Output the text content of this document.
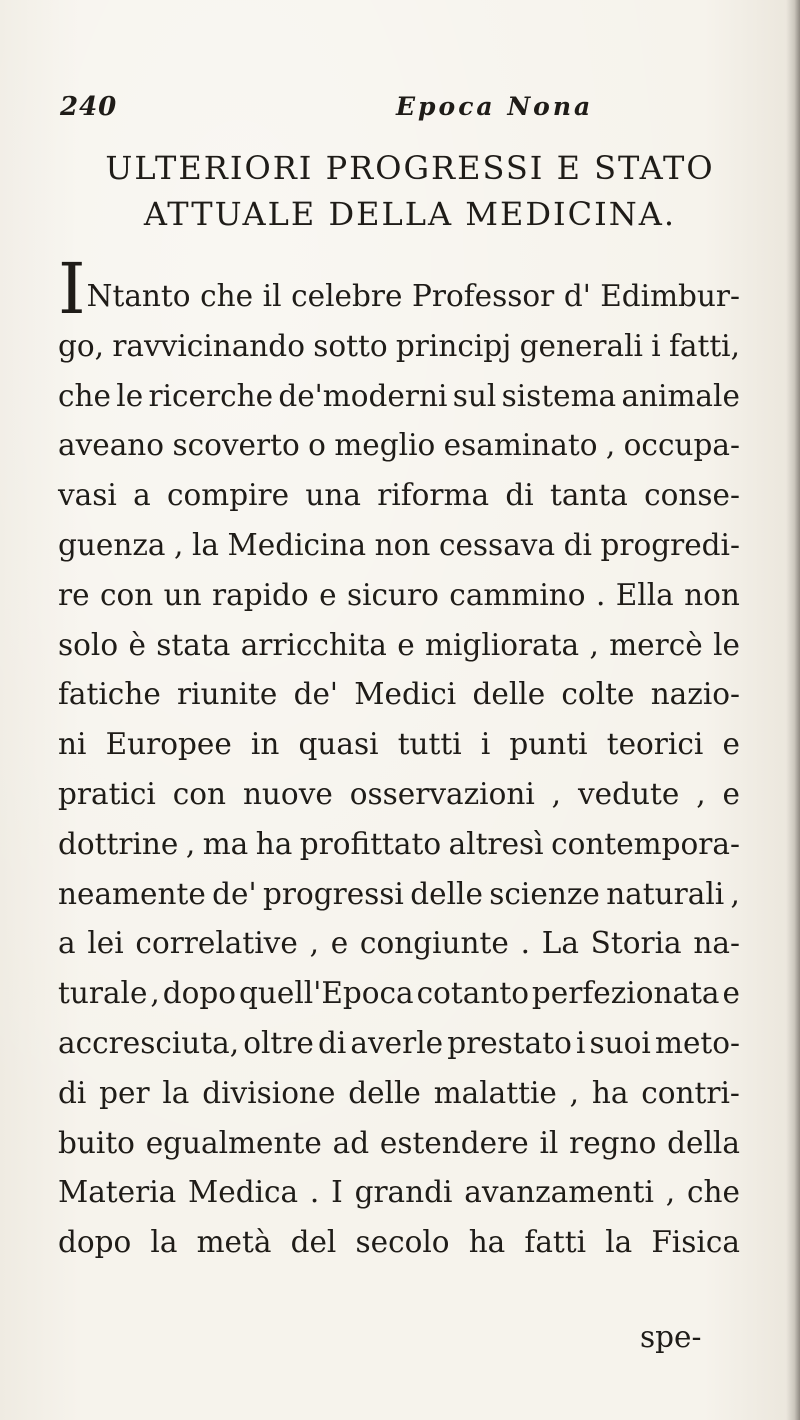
240	Epoca Nona
ULTERIORI PROGRESSI E STATO
ATTUALE DELLA MEDICINA.
I Ntanto che il celebre Professor d' Edimbur-
go, ravvicinando sotto principj generali i fatti,
che le ricerche de'moderni sul sistema animale
aveano scoverto o meglio esaminato , occupa-
vasi a compire una riforma di tanta conse-
guenza , la Medicina non cessava di progredi-
re con un rapido e sicuro cammino . Ella non
solo è stata arricchita e migliorata , mercè le
fatiche riunite de' Medici delle colte nazio-
ni Europee in quasi tutti i punti teorici e
pratici con nuove osservazioni , vedute , e
dottrine , ma ha profittato altresì contempora-
neamente de' progressi delle scienze naturali ,
a lei correlative , e congiunte . La Storia na-
turale , dopo quell'Epoca cotanto perfezionata e
accresciuta, oltre di averle prestato i suoi meto-
di per la divisione delle malattie , ha contri-
buito egualmente ad estendere il regno della
Materia Medica . I grandi avanzamenti , che
dopo la metà del secolo ha fatti la Fisica
spe-
